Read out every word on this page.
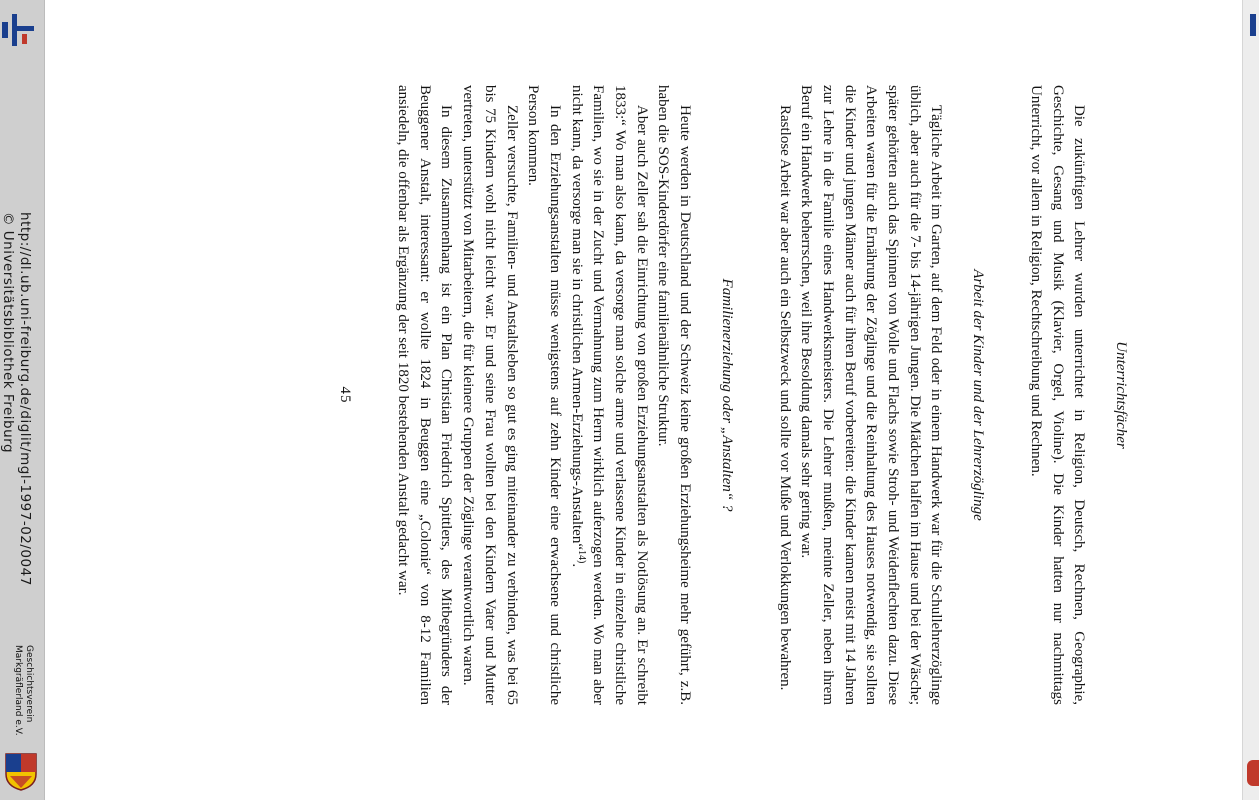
http://dl.ub.uni-freiburg.de/diglit/mgl-1997-02/0047
© Universitätsbibliothek Freiburg
Geschichtsverein
Markgräflerland e.V.
Unterrichtsfächer

Die zukünftigen Lehrer wurden unterrichtet in Religion, Deutsch, Rechnen, Geographie, Geschichte, Gesang und Musik (Klavier, Orgel, Violine). Die Kinder hatten nur nachmittags Unterricht, vor allem in Religion, Rechtschreibung und Rechnen.

Arbeit der Kinder und der Lehrerzöglinge

Tägliche Arbeit im Garten, auf dem Feld oder in einem Handwerk war für die Schullehrerzöglinge üblich, aber auch für die 7- bis 14-jährigen Jungen. Die Mädchen halfen im Hause und bei der Wäsche; später gehörten auch das Spinnen von Wolle und Flachs sowie Stroh- und Weidenflechten dazu. Diese Arbeiten waren für die Ernährung der Zöglinge und die Reinhaltung des Hauses notwendig, sie sollten die Kinder und jungen Männer auch für ihren Beruf vorbereiten: die Kinder kamen meist mit 14 Jahren zur Lehre in die Familie eines Handwerksmeisters. Die Lehrer mußten, meinte Zeller, neben ihrem Beruf ein Handwerk beherrschen, weil ihre Besoldung damals sehr gering war.

Rastlose Arbeit war aber auch ein Selbstzweck und sollte vor Muße und Verlokkungen bewahren.

Familienerziehung oder „Anstalten“ ?

Heute werden in Deutschland und der Schweiz keine großen Erziehungsheime mehr geführt, z.B. haben die SOS-Kinderdörfer eine familienähnliche Struktur.

Aber auch Zeller sah die Einrichtung von großen Erziehungsanstalten als Notlösung an. Er schreibt 1833:“ Wo man also kann, da versorge man solche arme und verlassene Kinder in einzelne christliche Familien, wo sie in der Zucht und Vermahnung zum Herrn wirklich auferzogen werden. Wo man aber nicht kann, da versorge man sie in christlichen Armen-Erziehungs-Anstalten“$^{14)}$.

In den Erziehungsanstalten müsse wenigstens auf zehn Kinder eine erwachsene und christliche Person kommen.

Zeller versuchte, Familien- und Anstaltsleben so gut es ging miteinander zu verbinden, was bei 65 bis 75 Kindern wohl nicht leicht war. Er und seine Frau wollten bei den Kindern Vater und Mutter vertreten, unterstützt von Mitarbeitern, die für kleinere Gruppen der Zöglinge verantwortlich waren.

In diesem Zusammenhang ist ein Plan Christian Friedrich Spittlers, des Mitbegründers der Beuggener Anstalt, interessant: er wollte 1824 in Beuggen eine „Colonie“ von 8-12 Familien ansiedeln, die offenbar als Ergänzung der seit 1820 bestehenden Anstalt gedacht war.

45
